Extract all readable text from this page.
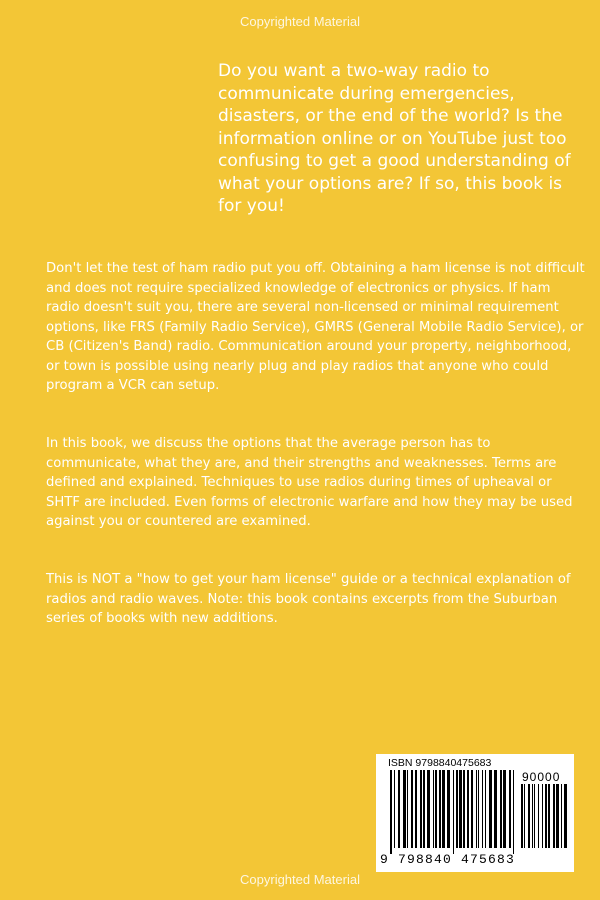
Copyrighted Material
Do you want a two-way radio to communicate during emergencies, disasters, or the end of the world? Is the information online or on YouTube just too confusing to get a good understanding of what your options are? If so, this book is for you!
Don't let the test of ham radio put you off. Obtaining a ham license is not difficult and does not require specialized knowledge of electronics or physics. If ham radio doesn't suit you, there are several non-licensed or minimal requirement options, like FRS (Family Radio Service), GMRS (General Mobile Radio Service), or CB (Citizen's Band) radio. Communication around your property, neighborhood, or town is possible using nearly plug and play radios that anyone who could program a VCR can setup.
In this book, we discuss the options that the average person has to communicate, what they are, and their strengths and weaknesses. Terms are defined and explained. Techniques to use radios during times of upheaval or SHTF are included. Even forms of electronic warfare and how they may be used against you or countered are examined.
This is NOT a "how to get your ham license" guide or a technical explanation of radios and radio waves. Note: this book contains excerpts from the Suburban series of books with new additions.
ISBN 9798840475683
90000
9 798840 475683
Copyrighted Material
